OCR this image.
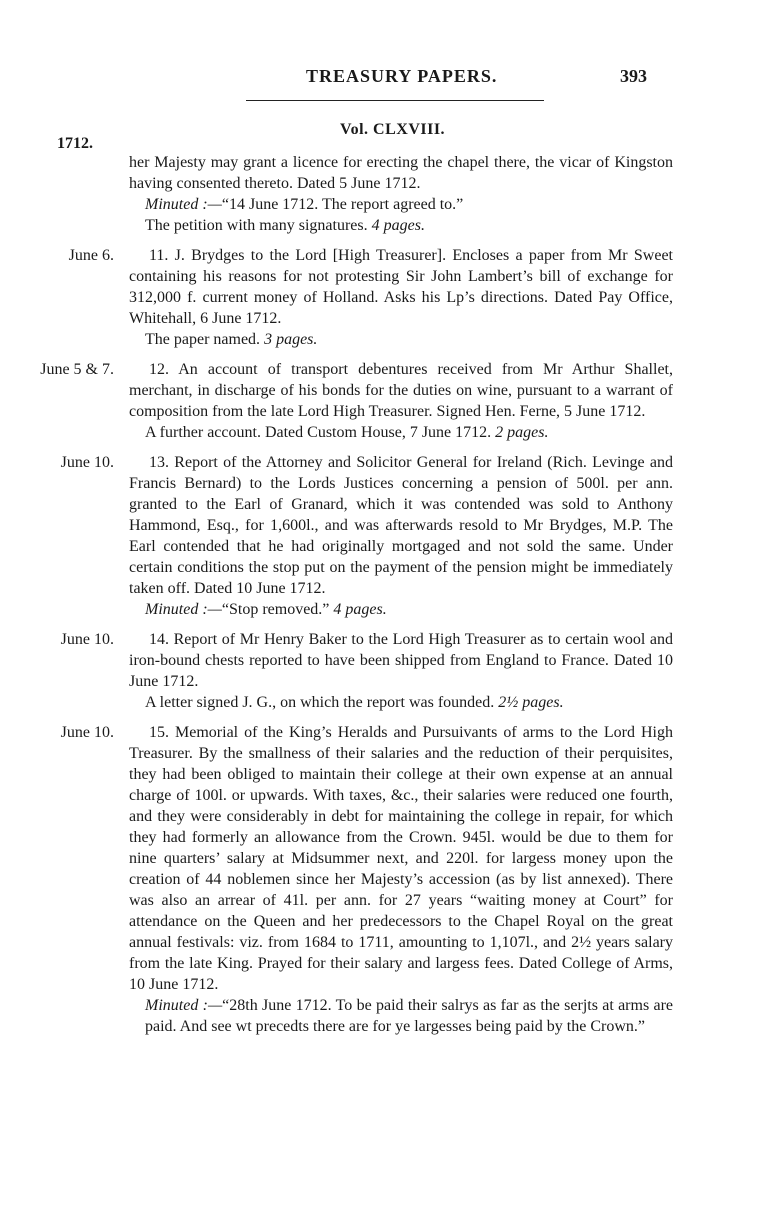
TREASURY PAPERS.	393
Vol. CLXVIII.
1712.
her Majesty may grant a licence for erecting the chapel there, the vicar of Kingston having consented thereto. Dated 5 June 1712.
Minuted :—“14 June 1712. The report agreed to.”
The petition with many signatures. 4 pages.
June 6.	11. J. Brydges to the Lord [High Treasurer]. Encloses a paper from Mr Sweet containing his reasons for not protesting Sir John Lambert’s bill of exchange for 312,000 f. current money of Holland. Asks his Lp’s directions. Dated Pay Office, Whitehall, 6 June 1712.
The paper named. 3 pages.
June 5 & 7.	12. An account of transport debentures received from Mr Arthur Shallet, merchant, in discharge of his bonds for the duties on wine, pursuant to a warrant of composition from the late Lord High Treasurer. Signed Hen. Ferne, 5 June 1712.
A further account. Dated Custom House, 7 June 1712. 2 pages.
June 10.	13. Report of the Attorney and Solicitor General for Ireland (Rich. Levinge and Francis Bernard) to the Lords Justices concerning a pension of 500l. per ann. granted to the Earl of Granard, which it was contended was sold to Anthony Hammond, Esq., for 1,600l., and was afterwards resold to Mr Brydges, M.P. The Earl contended that he had originally mortgaged and not sold the same. Under certain conditions the stop put on the payment of the pension might be immediately taken off. Dated 10 June 1712.
Minuted :—“Stop removed.” 4 pages.
June 10.	14. Report of Mr Henry Baker to the Lord High Treasurer as to certain wool and iron-bound chests reported to have been shipped from England to France. Dated 10 June 1712.
A letter signed J. G., on which the report was founded. 2½ pages.
June 10.	15. Memorial of the King’s Heralds and Pursuivants of arms to the Lord High Treasurer. By the smallness of their salaries and the reduction of their perquisites, they had been obliged to maintain their college at their own expense at an annual charge of 100l. or upwards. With taxes, &c., their salaries were reduced one fourth, and they were considerably in debt for maintaining the college in repair, for which they had formerly an allowance from the Crown. 945l. would be due to them for nine quarters’ salary at Midsummer next, and 220l. for largess money upon the creation of 44 noblemen since her Majesty’s accession (as by list annexed). There was also an arrear of 41l. per ann. for 27 years “waiting money at Court” for attendance on the Queen and her predecessors to the Chapel Royal on the great annual festivals: viz. from 1684 to 1711, amounting to 1,107l., and 2½ years salary from the late King. Prayed for their salary and largess fees. Dated College of Arms, 10 June 1712.
Minuted :—“28th June 1712. To be paid their salrys as far as the serjts at arms are paid. And see wt precedts there are for ye largesses being paid by the Crown.”
